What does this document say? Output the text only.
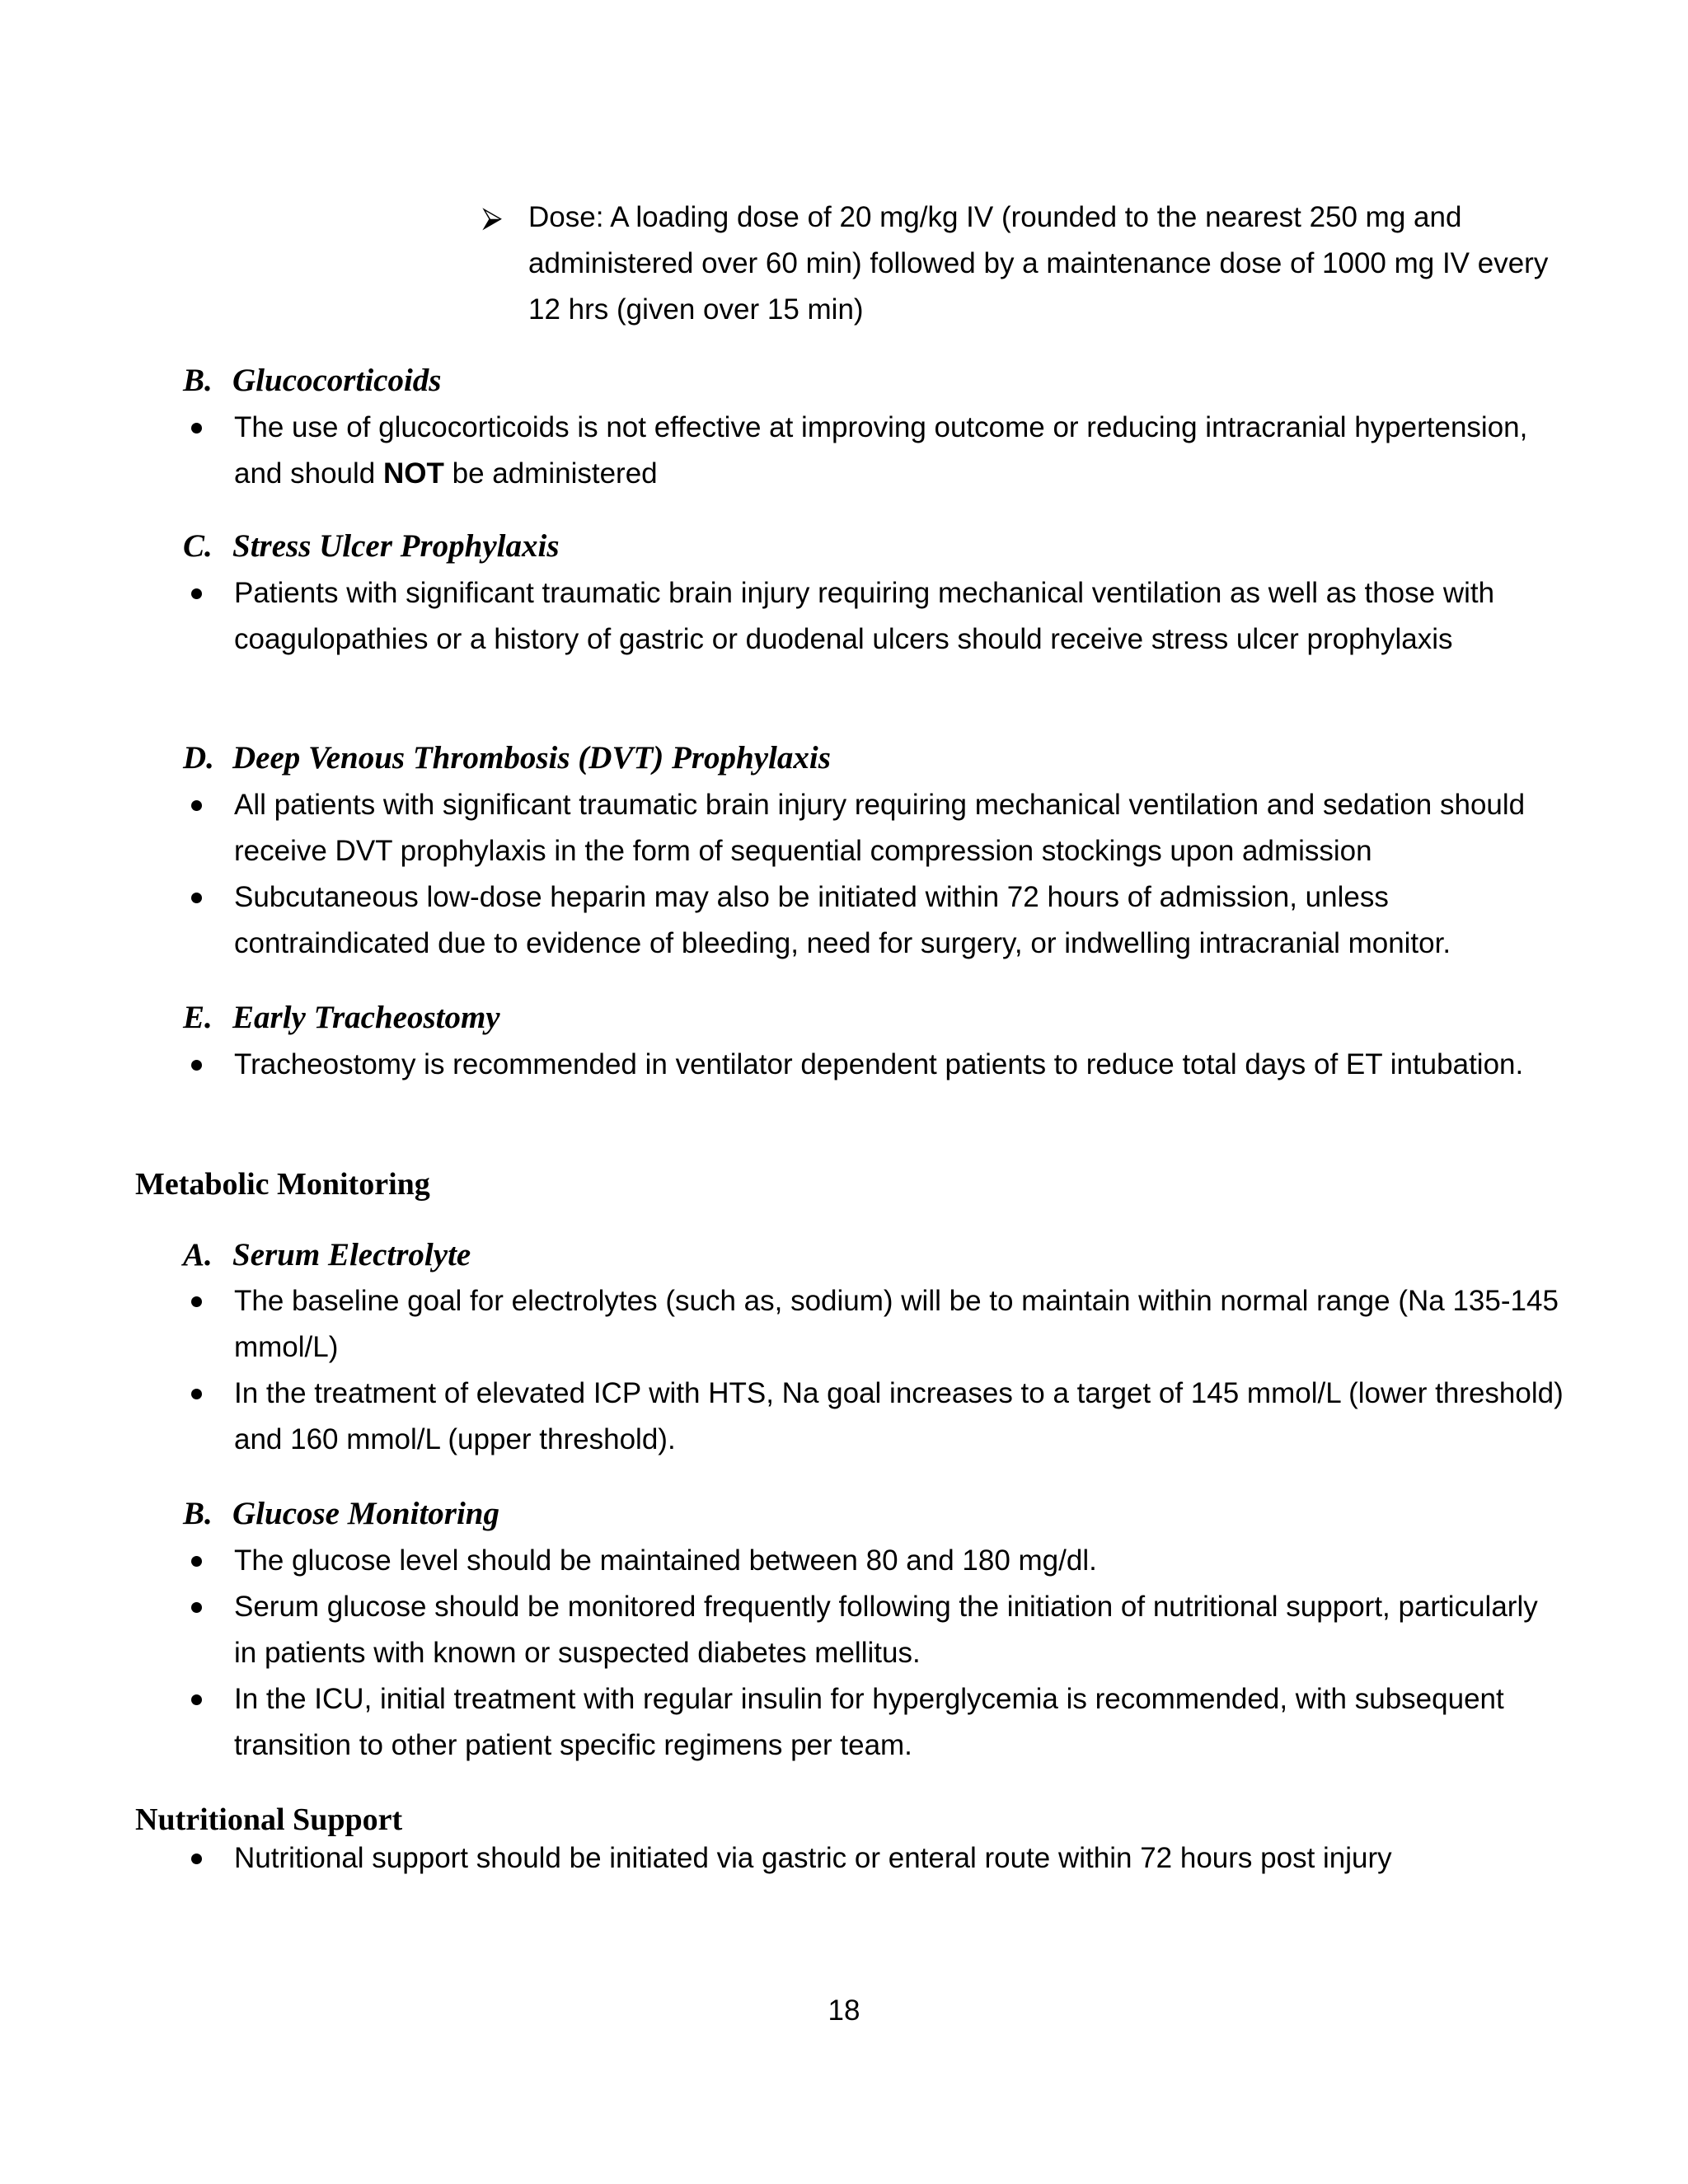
⮚ Dose: A loading dose of 20 mg/kg IV (rounded to the nearest 250 mg and administered over 60 min) followed by a maintenance dose of 1000 mg IV every 12 hrs (given over 15 min)
B. Glucocorticoids
The use of glucocorticoids is not effective at improving outcome or reducing intracranial hypertension, and should NOT be administered
C. Stress Ulcer Prophylaxis
Patients with significant traumatic brain injury requiring mechanical ventilation as well as those with coagulopathies or a history of gastric or duodenal ulcers should receive stress ulcer prophylaxis
D. Deep Venous Thrombosis (DVT) Prophylaxis
All patients with significant traumatic brain injury requiring mechanical ventilation and sedation should receive DVT prophylaxis in the form of sequential compression stockings upon admission
Subcutaneous low-dose heparin may also be initiated within 72 hours of admission, unless contraindicated due to evidence of bleeding, need for surgery, or indwelling intracranial monitor.
E. Early Tracheostomy
Tracheostomy is recommended in ventilator dependent patients to reduce total days of ET intubation.
Metabolic Monitoring
A. Serum Electrolyte
The baseline goal for electrolytes (such as, sodium) will be to maintain within normal range (Na 135-145 mmol/L)
In the treatment of elevated ICP with HTS, Na goal increases to a target of 145 mmol/L (lower threshold) and 160 mmol/L (upper threshold).
B. Glucose Monitoring
The glucose level should be maintained between 80 and 180 mg/dl.
Serum glucose should be monitored frequently following the initiation of nutritional support, particularly in patients with known or suspected diabetes mellitus.
In the ICU, initial treatment with regular insulin for hyperglycemia is recommended, with subsequent transition to other patient specific regimens per team.
Nutritional Support
Nutritional support should be initiated via gastric or enteral route within 72 hours post injury
18
